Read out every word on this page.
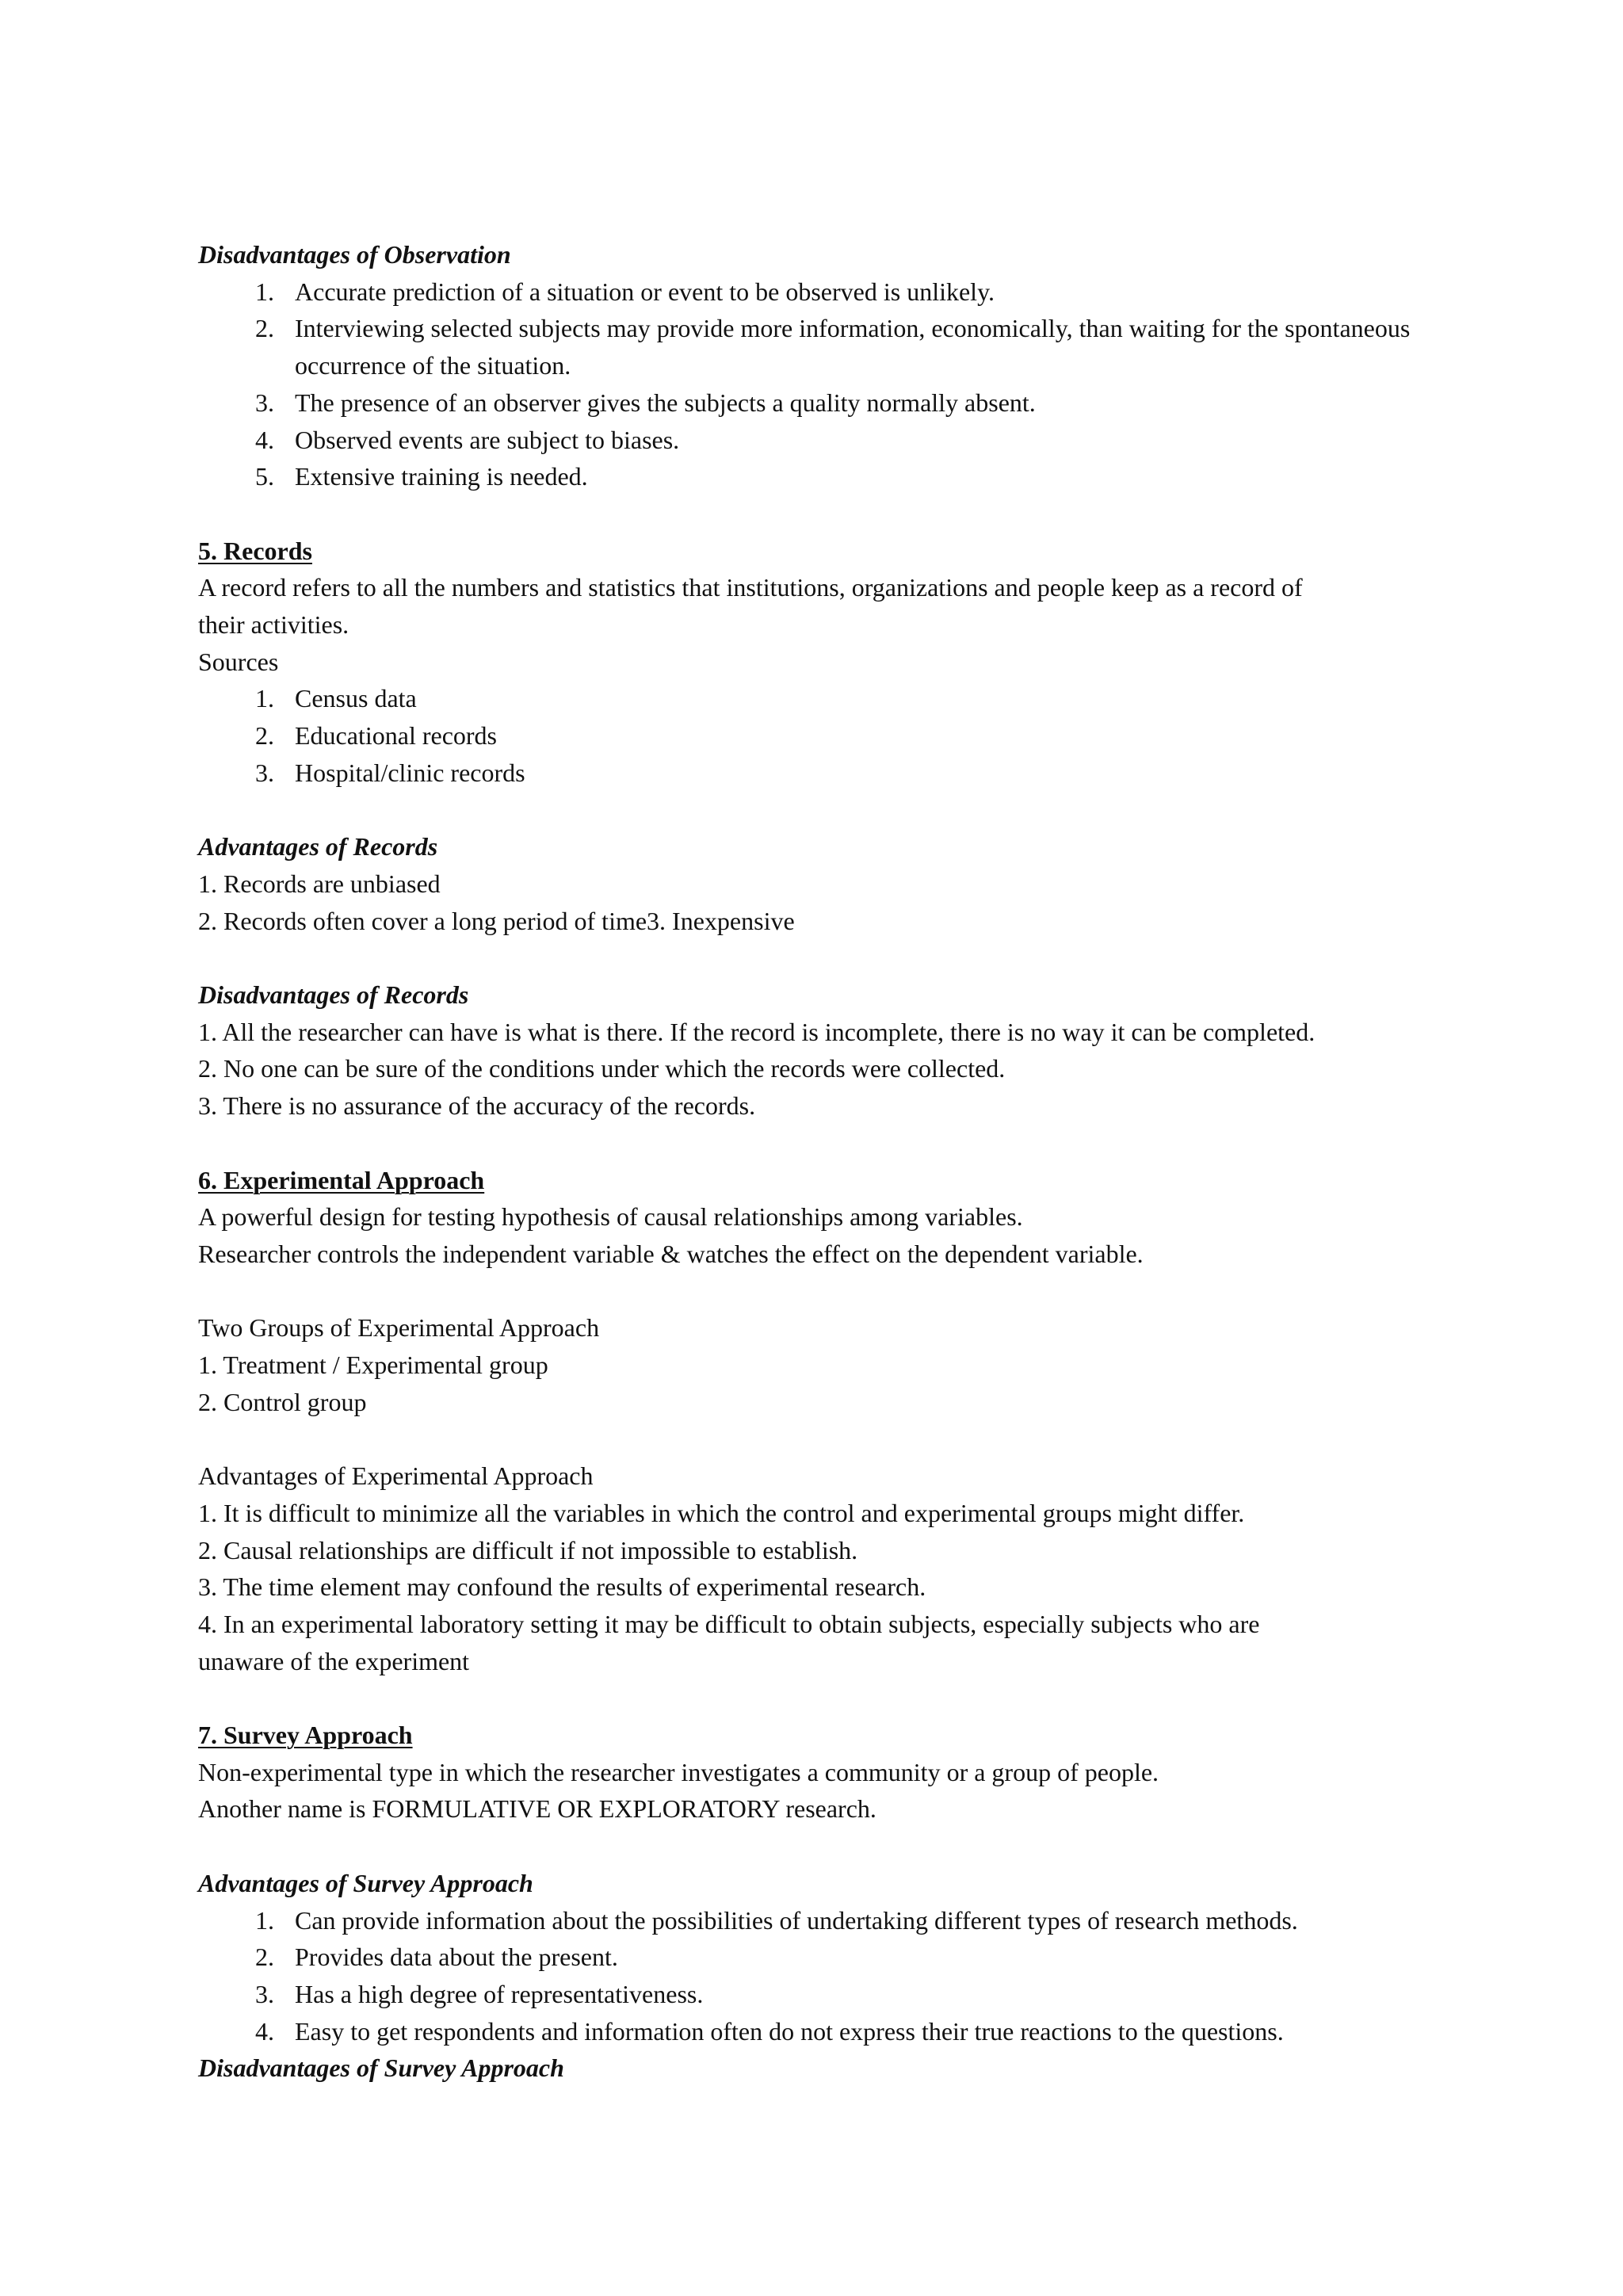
Disadvantages of Observation
1. Accurate prediction of a situation or event to be observed is unlikely.
2. Interviewing selected subjects may provide more information, economically, than waiting for the spontaneous occurrence of the situation.
3. The presence of an observer gives the subjects a quality normally absent.
4. Observed events are subject to biases.
5. Extensive training is needed.
5. Records
A record refers to all the numbers and statistics that institutions, organizations and people keep as a record of
their activities.
Sources
1. Census data
2. Educational records
3. Hospital/clinic records
Advantages of Records
1. Records are unbiased
2. Records often cover a long period of time3. Inexpensive
Disadvantages of Records
1. All the researcher can have is what is there. If the record is incomplete, there is no way it can be completed.
2. No one can be sure of the conditions under which the records were collected.
3. There is no assurance of the accuracy of the records.
6. Experimental Approach
A powerful design for testing hypothesis of causal relationships among variables.
Researcher controls the independent variable & watches the effect on the dependent variable.
Two Groups of Experimental Approach
1. Treatment / Experimental group
2. Control group
Advantages of Experimental Approach
1. It is difficult to minimize all the variables in which the control and experimental groups might differ.
2. Causal relationships are difficult if not impossible to establish.
3. The time element may confound the results of experimental research.
4. In an experimental laboratory setting it may be difficult to obtain subjects, especially subjects who are
unaware of the experiment
7. Survey Approach
Non-experimental type in which the researcher investigates a community or a group of people.
Another name is FORMULATIVE OR EXPLORATORY research.
Advantages of Survey Approach
1. Can provide information about the possibilities of undertaking different types of research methods.
2. Provides data about the present.
3. Has a high degree of representativeness.
4. Easy to get respondents and information often do not express their true reactions to the questions.
Disadvantages of Survey Approach
